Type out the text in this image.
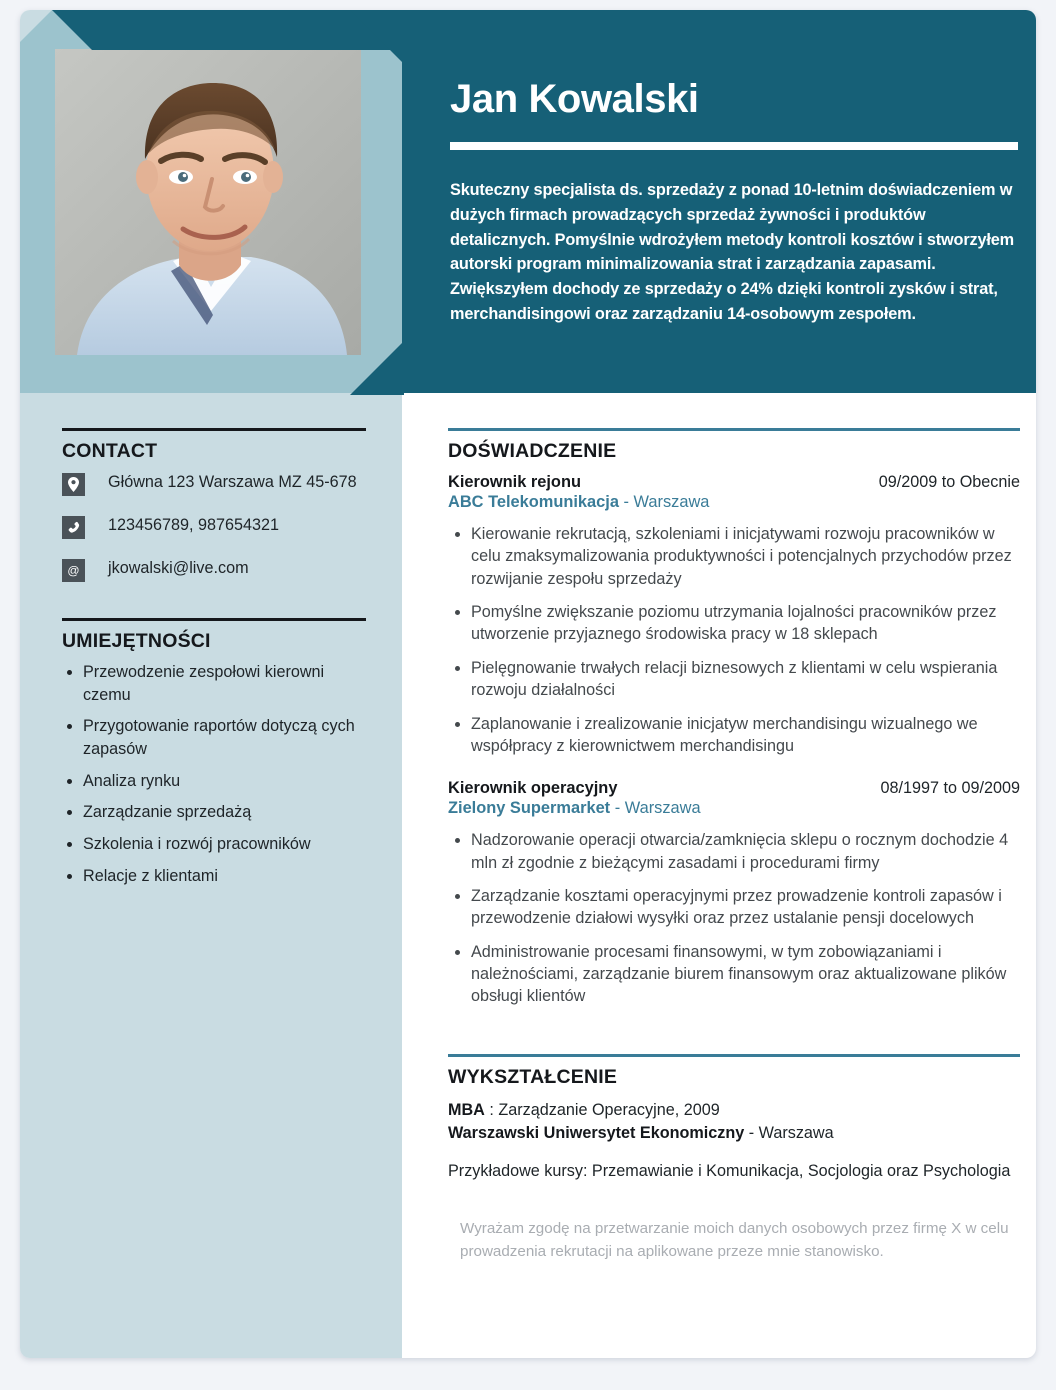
Jan Kowalski

Skuteczny specjalista ds. sprzedaży z ponad 10-letnim doświadczeniem w dużych firmach prowadzących sprzedaż żywności i produktów detalicznych. Pomyślnie wdrożyłem metody kontroli kosztów i stworzyłem autorski program minimalizowania strat i zarządzania zapasami. Zwiększyłem dochody ze sprzedaży o 24% dzięki kontroli zysków i strat, merchandisingowi oraz zarządzaniu 14-osobowym zespołem.

CONTACT
Główna 123 Warszawa MZ 45-678
123456789, 987654321
@ jkowalski@live.com
UMIEJĘTNOŚCI
Przewodzenie zespołowi kierowni czemu
Przygotowanie raportów dotyczą cych zapasów
Analiza rynku
Zarządzanie sprzedażą
Szkolenia i rozwój pracowników
Relacje z klientami
DOŚWIADCZENIE
Kierownik rejonu	09/2009 to Obecnie
ABC Telekomunikacja - Warszawa
Kierowanie rekrutacją, szkoleniami i inicjatywami rozwoju pracowników w celu zmaksymalizowania produktywności i potencjalnych przychodów przez rozwijanie zespołu sprzedaży
Pomyślne zwiększanie poziomu utrzymania lojalności pracowników przez utworzenie przyjaznego środowiska pracy w 18 sklepach
Pielęgnowanie trwałych relacji biznesowych z klientami w celu wspierania rozwoju działalności
Zaplanowanie i zrealizowanie inicjatyw merchandisingu wizualnego we współpracy z kierownictwem merchandisingu
Kierownik operacyjny	08/1997 to 09/2009
Zielony Supermarket - Warszawa
Nadzorowanie operacji otwarcia/zamknięcia sklepu o rocznym dochodzie 4 mln zł zgodnie z bieżącymi zasadami i procedurami firmy
Zarządzanie kosztami operacyjnymi przez prowadzenie kontroli zapasów i przewodzenie działowi wysyłki oraz przez ustalanie pensji docelowych
Administrowanie procesami finansowymi, w tym zobowiązaniami i należnościami, zarządzanie biurem finansowym oraz aktualizowane plików obsługi klientów
WYKSZTAŁCENIE
MBA : Zarządzanie Operacyjne, 2009
Warszawski Uniwersytet Ekonomiczny - Warszawa
Przykładowe kursy: Przemawianie i Komunikacja, Socjologia oraz Psychologia
Wyrażam zgodę na przetwarzanie moich danych osobowych przez firmę X w celu prowadzenia rekrutacji na aplikowane przeze mnie stanowisko.
